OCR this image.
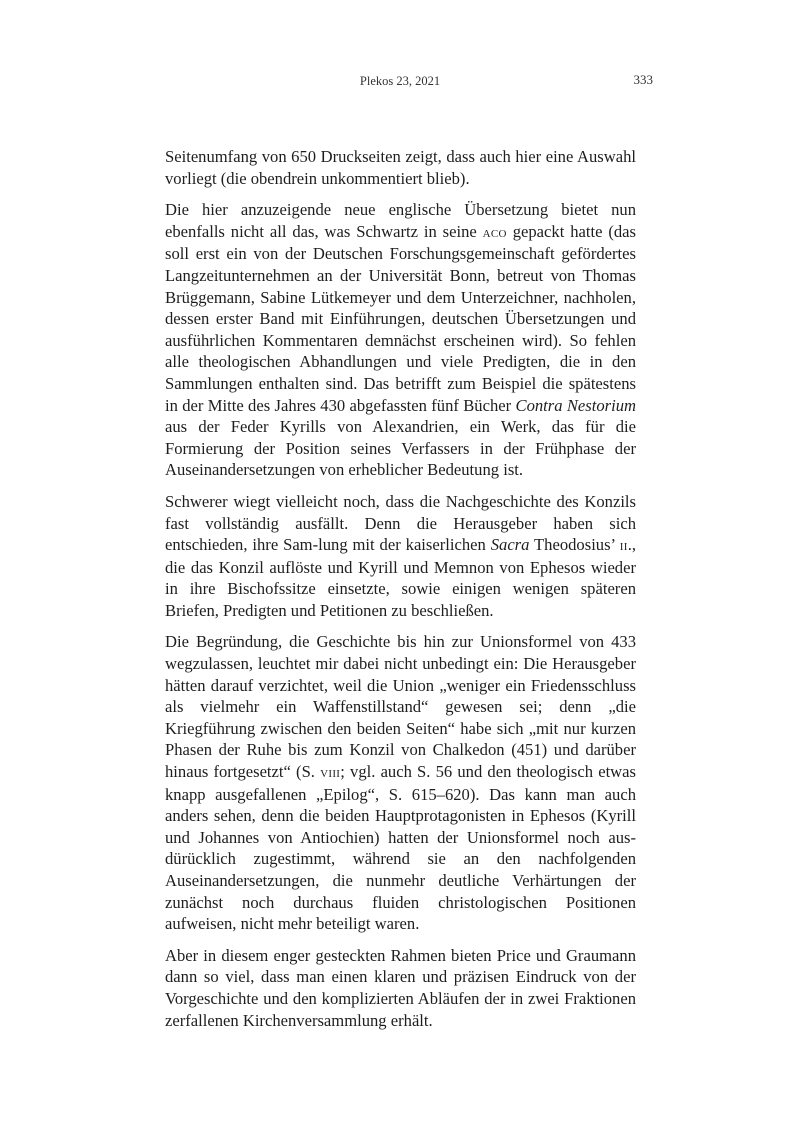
Plekos 23, 2021	333

Seitenumfang von 650 Druckseiten zeigt, dass auch hier eine Auswahl vorliegt (die obendrein unkommentiert blieb).

Die hier anzuzeigende neue englische Übersetzung bietet nun ebenfalls nicht all das, was Schwartz in seine aco gepackt hatte (das soll erst ein von der Deutschen Forschungsgemeinschaft gefördertes Langzeitunternehmen an der Universität Bonn, betreut von Thomas Brüggemann, Sabine Lütkemeyer und dem Unterzeichner, nachholen, dessen erster Band mit Einführungen, deutschen Übersetzungen und ausführlichen Kommentaren demnächst erscheinen wird). So fehlen alle theologischen Abhandlungen und viele Predigten, die in den Sammlungen enthalten sind. Das betrifft zum Beispiel die spätestens in der Mitte des Jahres 430 abgefassten fünf Bücher Contra Nestorium aus der Feder Kyrills von Alexandrien, ein Werk, das für die Formierung der Position seines Verfassers in der Frühphase der Auseinandersetzungen von erheblicher Bedeutung ist.

Schwerer wiegt vielleicht noch, dass die Nachgeschichte des Konzils fast vollständig ausfällt. Denn die Herausgeber haben sich entschieden, ihre Sam-lung mit der kaiserlichen Sacra Theodosius’ ii., die das Konzil auflöste und Kyrill und Memnon von Ephesos wieder in ihre Bischofssitze einsetzte, sowie einigen wenigen späteren Briefen, Predigten und Petitionen zu beschließen.

Die Begründung, die Geschichte bis hin zur Unionsformel von 433 wegzulassen, leuchtet mir dabei nicht unbedingt ein: Die Herausgeber hätten darauf verzichtet, weil die Union „weniger ein Friedensschluss als vielmehr ein Waffenstillstand“ gewesen sei; denn „die Kriegführung zwischen den beiden Seiten“ habe sich „mit nur kurzen Phasen der Ruhe bis zum Konzil von Chalkedon (451) und darüber hinaus fortgesetzt“ (S. viii; vgl. auch S. 56 und den theologisch etwas knapp ausgefallenen „Epilog“, S. 615–620). Das kann man auch anders sehen, denn die beiden Hauptprotagonisten in Ephesos (Kyrill und Johannes von Antiochien) hatten der Unionsformel noch ausdürücklich zugestimmt, während sie an den nachfolgenden Auseinandersetzungen, die nunmehr deutliche Verhärtungen der zunächst noch durchaus fluiden christologischen Positionen aufweisen, nicht mehr beteiligt waren.

Aber in diesem enger gesteckten Rahmen bieten Price und Graumann dann so viel, dass man einen klaren und präzisen Eindruck von der Vorgeschichte und den komplizierten Abläufen der in zwei Fraktionen zerfallenen Kirchenversammlung erhält.
